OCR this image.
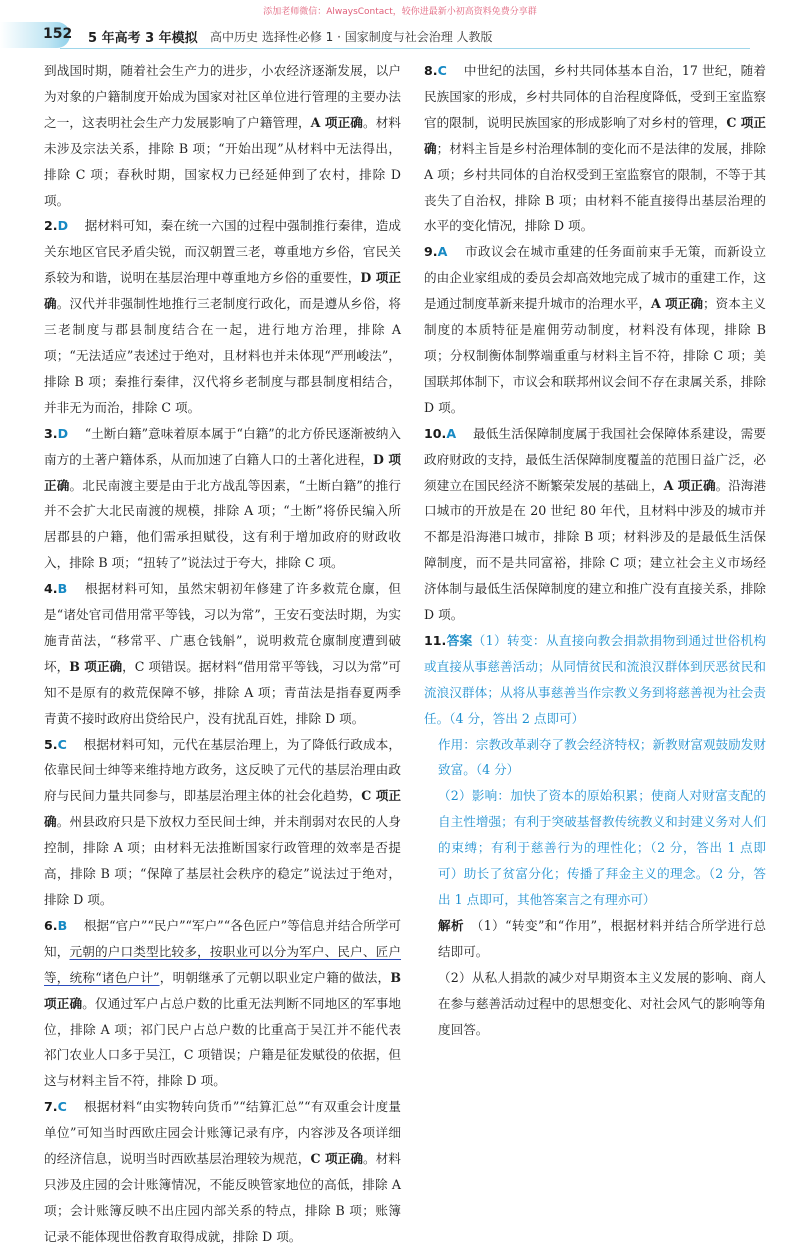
添加老师微信：AlwaysContact，较你进最新小初高资料免费分享群
152 5 年高考 3 年模拟 高中历史 选择性必修 1 · 国家制度与社会治理 人教版

到战国时期，随着社会生产力的进步，小农经济逐渐发展，以户为对象的户籍制度开始成为国家对社区单位进行管理的主要办法之一，这表明社会生产力发展影响了户籍管理，A 项正确。材料未涉及宗法关系，排除 B 项；“开始出现”从材料中无法得出，排除 C 项；春秋时期，国家权力已经延伸到了农村，排除 D 项。

2.D　据材料可知，秦在统一六国的过程中强制推行秦律，造成关东地区官民矛盾尖锐，而汉朝置三老，尊重地方乡俗，官民关系较为和谐，说明在基层治理中尊重地方乡俗的重要性，D 项正确。汉代并非强制性地推行三老制度行政化，而是遵从乡俗，将三老制度与郡县制度结合在一起，进行地方治理，排除 A 项；“无法适应”表述过于绝对，且材料也并未体现“严刑峻法”，排除 B 项；秦推行秦律，汉代将乡老制度与郡县制度相结合，并非无为而治，排除 C 项。

3.D　“土断白籍”意味着原本属于“白籍”的北方侨民逐渐被纳入南方的土著户籍体系，从而加速了白籍人口的土著化进程，D 项正确。北民南渡主要是由于北方战乱等因素，“土断白籍”的推行并不会扩大北民南渡的规模，排除 A 项；“土断”将侨民编入所居郡县的户籍，他们需承担赋役，这有利于增加政府的财政收入，排除 B 项；“扭转了”说法过于夸大，排除 C 项。

4.B　根据材料可知，虽然宋朝初年修建了许多救荒仓廪，但是“诸处官司借用常平等钱，习以为常”，王安石变法时期，为实施青苗法，“移常平、广惠仓钱斛”，说明救荒仓廪制度遭到破坏，B 项正确，C 项错误。据材料“借用常平等钱，习以为常”可知不是原有的救荒保障不够，排除 A 项；青苗法是指春夏两季青黄不接时政府出贷给民户，没有扰乱百姓，排除 D 项。

5.C　根据材料可知，元代在基层治理上，为了降低行政成本，依靠民间士绅等来维持地方政务，这反映了元代的基层治理由政府与民间力量共同参与，即基层治理主体的社会化趋势，C 项正确。州县政府只是下放权力至民间士绅，并未削弱对农民的人身控制，排除 A 项；由材料无法推断国家行政管理的效率是否提高，排除 B 项；“保障了基层社会秩序的稳定”说法过于绝对，排除 D 项。

6.B　根据“官户”“民户”“军户”“各色匠户”等信息并结合所学可知，元朝的户口类型比较多，按职业可以分为军户、民户、匠户等，统称“诸色户计”，明朝继承了元朝以职业定户籍的做法，B 项正确。仅通过军户占总户数的比重无法判断不同地区的军事地位，排除 A 项；祁门民户占总户数的比重高于吴江并不能代表祁门农业人口多于吴江，C 项错误；户籍是征发赋役的依据，但这与材料主旨不符，排除 D 项。

7.C　根据材料“由实物转向货币”“结算汇总”“有双重会计度量单位”可知当时西欧庄园会计账簿记录有序，内容涉及各项详细的经济信息，说明当时西欧基层治理较为规范，C 项正确。材料只涉及庄园的会计账簿情况，不能反映管家地位的高低，排除 A 项；会计账簿反映不出庄园内部关系的特点，排除 B 项；账簿记录不能体现世俗教育取得成就，排除 D 项。

8.C　中世纪的法国，乡村共同体基本自治，17 世纪，随着民族国家的形成，乡村共同体的自治程度降低，受到王室监察官的限制，说明民族国家的形成影响了对乡村的管理，C 项正确；材料主旨是乡村治理体制的变化而不是法律的发展，排除 A 项；乡村共同体的自治权受到王室监察官的限制，不等于其丧失了自治权，排除 B 项；由材料不能直接得出基层治理的水平的变化情况，排除 D 项。

9.A　市政议会在城市重建的任务面前束手无策，而新设立的由企业家组成的委员会却高效地完成了城市的重建工作，这是通过制度革新来提升城市的治理水平，A 项正确；资本主义制度的本质特征是雇佣劳动制度，材料没有体现，排除 B 项；分权制衡体制弊端重重与材料主旨不符，排除 C 项；美国联邦体制下，市议会和联邦州议会间不存在隶属关系，排除 D 项。

10.A　最低生活保障制度属于我国社会保障体系建设，需要政府财政的支持，最低生活保障制度覆盖的范围日益广泛，必须建立在国民经济不断繁荣发展的基础上，A 项正确。沿海港口城市的开放是在 20 世纪 80 年代，且材料中涉及的城市并不都是沿海港口城市，排除 B 项；材料涉及的是最低生活保障制度，而不是共同富裕，排除 C 项；建立社会主义市场经济体制与最低生活保障制度的建立和推广没有直接关系，排除 D 项。

11.答案（1）转变：从直接向教会捐款捐物到通过世俗机构或直接从事慈善活动；从同情贫民和流浪汉群体到厌恶贫民和流浪汉群体；从将从事慈善当作宗教义务到将慈善视为社会责任。（4 分，答出 2 点即可）

作用：宗教改革剥夺了教会经济特权；新教财富观鼓励发财致富。（4 分）

（2）影响：加快了资本的原始积累；使商人对财富支配的自主性增强；有利于突破基督教传统教义和封建义务对人们的束缚；有利于慈善行为的理性化；（2 分，答出 1 点即可）助长了贫富分化；传播了拜金主义的理念。（2 分，答出 1 点即可，其他答案言之有理亦可）

解析　（1）“转变”和“作用”，根据材料并结合所学进行总结即可。

（2）从私人捐款的减少对早期资本主义发展的影响、商人在参与慈善活动过程中的思想变化、对社会风气的影响等角度回答。
